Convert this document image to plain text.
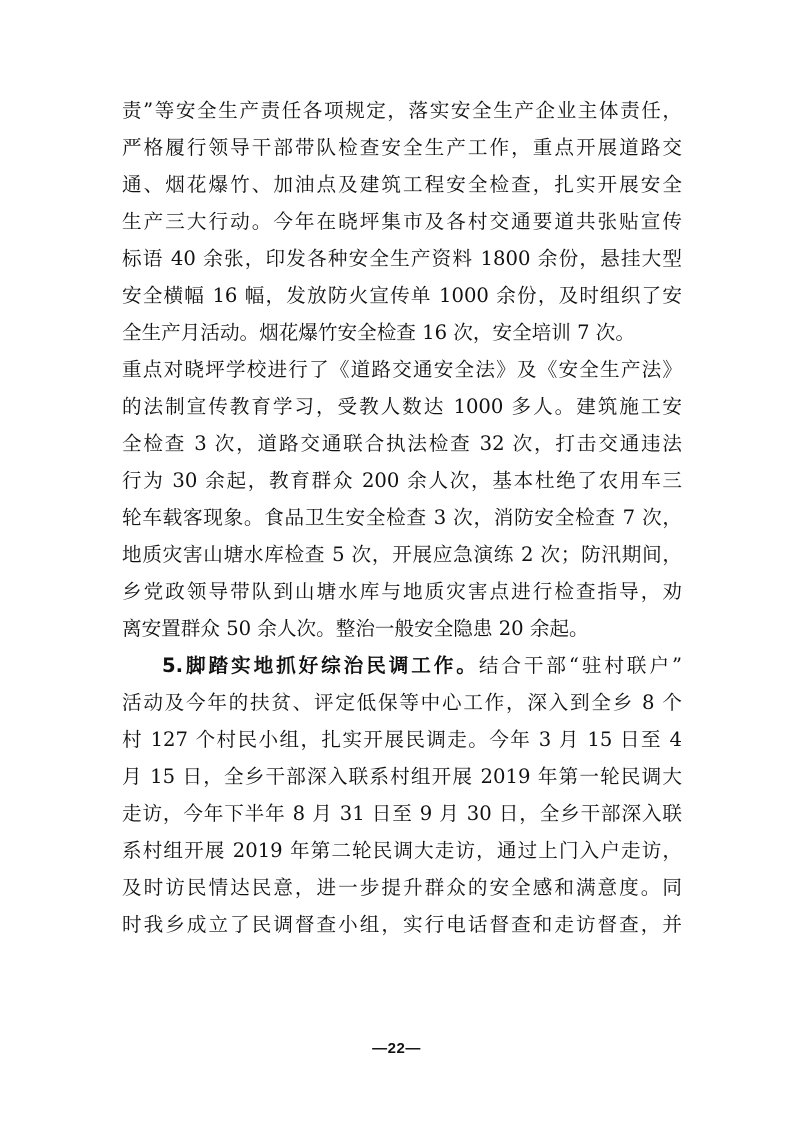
责”等安全生产责任各项规定，落实安全生产企业主体责任，
严格履行领导干部带队检查安全生产工作，重点开展道路交
通、烟花爆竹、加油点及建筑工程安全检查，扎实开展安全
生产三大行动。今年在晓坪集市及各村交通要道共张贴宣传
标语 40 余张，印发各种安全生产资料 1800 余份，悬挂大型
安全横幅 16 幅，发放防火宣传单 1000 余份，及时组织了安
全生产月活动。烟花爆竹安全检查 16 次，安全培训 7 次。
重点对晓坪学校进行了《道路交通安全法》及《安全生产法》
的法制宣传教育学习，受教人数达 1000 多人。建筑施工安
全检查 3 次，道路交通联合执法检查 32 次，打击交通违法
行为 30 余起，教育群众 200 余人次，基本杜绝了农用车三
轮车载客现象。食品卫生安全检查 3 次，消防安全检查 7 次，
地质灾害山塘水库检查 5 次，开展应急演练 2 次；防汛期间，
乡党政领导带队到山塘水库与地质灾害点进行检查指导，劝
离安置群众 50 余人次。整治一般安全隐患 20 余起。
5.脚踏实地抓好综治民调工作。结合干部“驻村联户”
活动及今年的扶贫、评定低保等中心工作，深入到全乡 8 个
村 127 个村民小组，扎实开展民调走。今年 3 月 15 日至 4
月 15 日，全乡干部深入联系村组开展 2019 年第一轮民调大
走访，今年下半年 8 月 31 日至 9 月 30 日，全乡干部深入联
系村组开展 2019 年第二轮民调大走访，通过上门入户走访，
及时访民情达民意，进一步提升群众的安全感和满意度。同
时我乡成立了民调督查小组，实行电话督查和走访督查，并
—22—
